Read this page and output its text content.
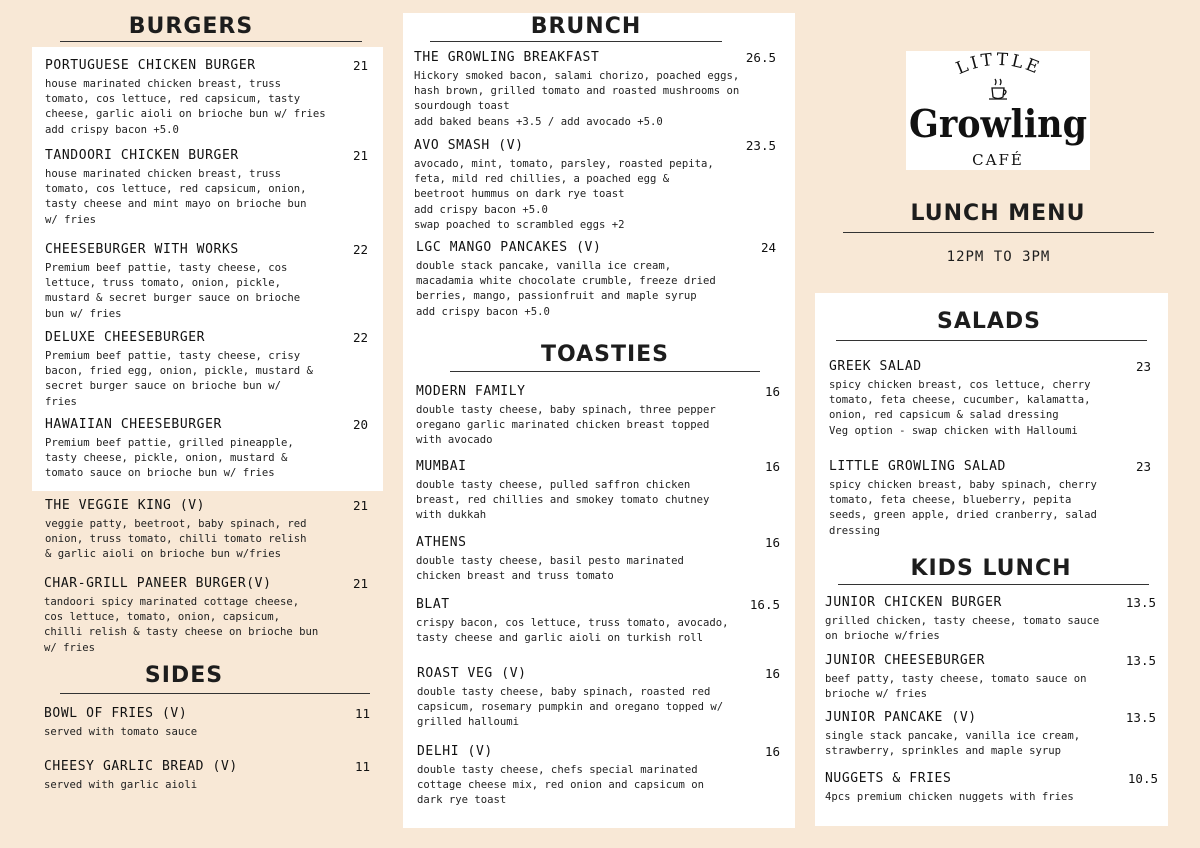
BURGERS
PORTUGUESE CHICKEN BURGER	21
house marinated chicken breast, truss
tomato, cos lettuce, red capsicum, tasty
cheese, garlic aioli on brioche bun w/ fries
add crispy bacon +5.0
TANDOORI CHICKEN BURGER	21
house marinated chicken breast, truss
tomato, cos lettuce, red capsicum, onion,
tasty cheese and mint mayo on brioche bun
w/ fries
CHEESEBURGER WITH WORKS	22
Premium beef pattie, tasty cheese, cos
lettuce, truss tomato, onion, pickle,
mustard & secret burger sauce on brioche
bun w/ fries
DELUXE CHEESEBURGER	22
Premium beef pattie, tasty cheese, crisy
bacon, fried egg, onion, pickle, mustard &
secret burger sauce on brioche bun w/
fries
HAWAIIAN CHEESEBURGER	20
Premium beef pattie, grilled pineapple,
tasty cheese, pickle, onion, mustard &
tomato sauce on brioche bun w/ fries
THE VEGGIE KING (V)	21
veggie patty, beetroot, baby spinach, red
onion, truss tomato, chilli tomato relish
& garlic aioli on brioche bun w/fries
CHAR-GRILL PANEER BURGER(V)	21
tandoori spicy marinated cottage cheese,
cos lettuce, tomato, onion, capsicum,
chilli relish & tasty cheese on brioche bun
w/ fries
SIDES
BOWL OF FRIES (V)	11
served with tomato sauce
CHEESY GARLIC BREAD (V)	11
served with garlic aioli
BRUNCH
THE GROWLING BREAKFAST	26.5
Hickory smoked bacon, salami chorizo, poached eggs,
hash brown, grilled tomato and roasted mushrooms on
sourdough toast
add baked beans +3.5 / add avocado +5.0
AVO SMASH (V)	23.5
avocado, mint, tomato, parsley, roasted pepita,
feta, mild red chillies, a poached egg &
beetroot hummus on dark rye toast
add crispy bacon +5.0
swap poached to scrambled eggs +2
LGC MANGO PANCAKES (V)	24
double stack pancake, vanilla ice cream,
macadamia white chocolate crumble, freeze dried
berries, mango, passionfruit and maple syrup
add crispy bacon +5.0
TOASTIES
MODERN FAMILY	16
double tasty cheese, baby spinach, three pepper
oregano garlic marinated chicken breast topped
with avocado
MUMBAI	16
double tasty cheese, pulled saffron chicken
breast, red chillies and smokey tomato chutney
with dukkah
ATHENS	16
double tasty cheese, basil pesto marinated
chicken breast and truss tomato
BLAT	16.5
crispy bacon, cos lettuce, truss tomato, avocado,
tasty cheese and garlic aioli on turkish roll
ROAST VEG (V)	16
double tasty cheese, baby spinach, roasted red
capsicum, rosemary pumpkin and oregano topped w/
grilled halloumi
DELHI (V)	16
double tasty cheese, chefs special marinated
cottage cheese mix, red onion and capsicum on
dark rye toast
LITTLE
Growling
CAFÉ
LUNCH MENU
12PM TO 3PM
SALADS
GREEK SALAD	23
spicy chicken breast, cos lettuce, cherry
tomato, feta cheese, cucumber, kalamatta,
onion, red capsicum & salad dressing
Veg option - swap chicken with Halloumi
LITTLE GROWLING SALAD	23
spicy chicken breast, baby spinach, cherry
tomato, feta cheese, blueberry, pepita
seeds, green apple, dried cranberry, salad
dressing
KIDS LUNCH
JUNIOR CHICKEN BURGER	13.5
grilled chicken, tasty cheese, tomato sauce
on brioche w/fries
JUNIOR CHEESEBURGER	13.5
beef patty, tasty cheese, tomato sauce on
brioche w/ fries
JUNIOR PANCAKE (V)	13.5
single stack pancake, vanilla ice cream,
strawberry, sprinkles and maple syrup
NUGGETS & FRIES	10.5
4pcs premium chicken nuggets with fries
